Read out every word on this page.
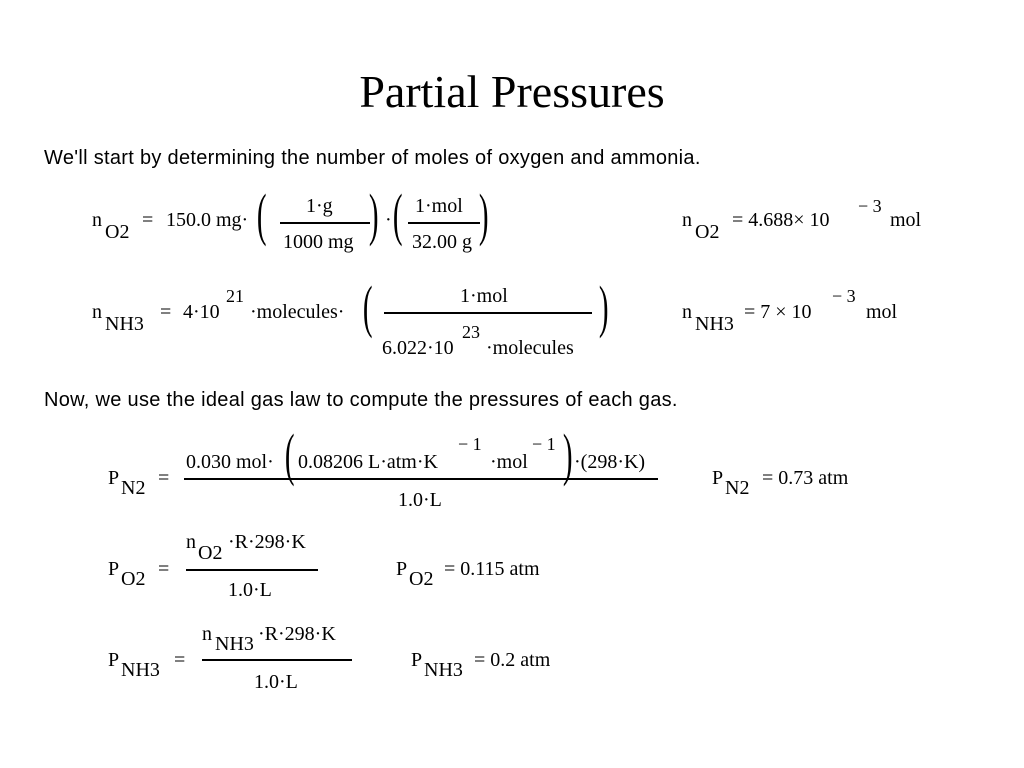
Partial Pressures
We'll start by determining the number of moles of oxygen and ammonia.
n
O2
= 150.0 mg· ( 1·g
1000 mg ) · ( 1·mol
32.00 g )	n
O2
= 4.688× 10
− 3
mol
n
NH3
= 4·10
21
·molecules· (	1·mol
6.022·10
23
·molecules
)	n
NH3
= 7 × 10
− 3
mol
Now, we use the ideal gas law to compute the pressures of each gas.
P N2 =
0.030 mol· ( 0.08206 L·atm·K
− 1
·mol
− 1 ) ·(298·K)
1.0·L
P N2 = 0.73 atm
P O2 =
n O2 ·R·298·K
1.0·L
P O2 = 0.115 atm
P NH3 =
n NH3 ·R·298·K
1.0·L
P NH3 = 0.2 atm
